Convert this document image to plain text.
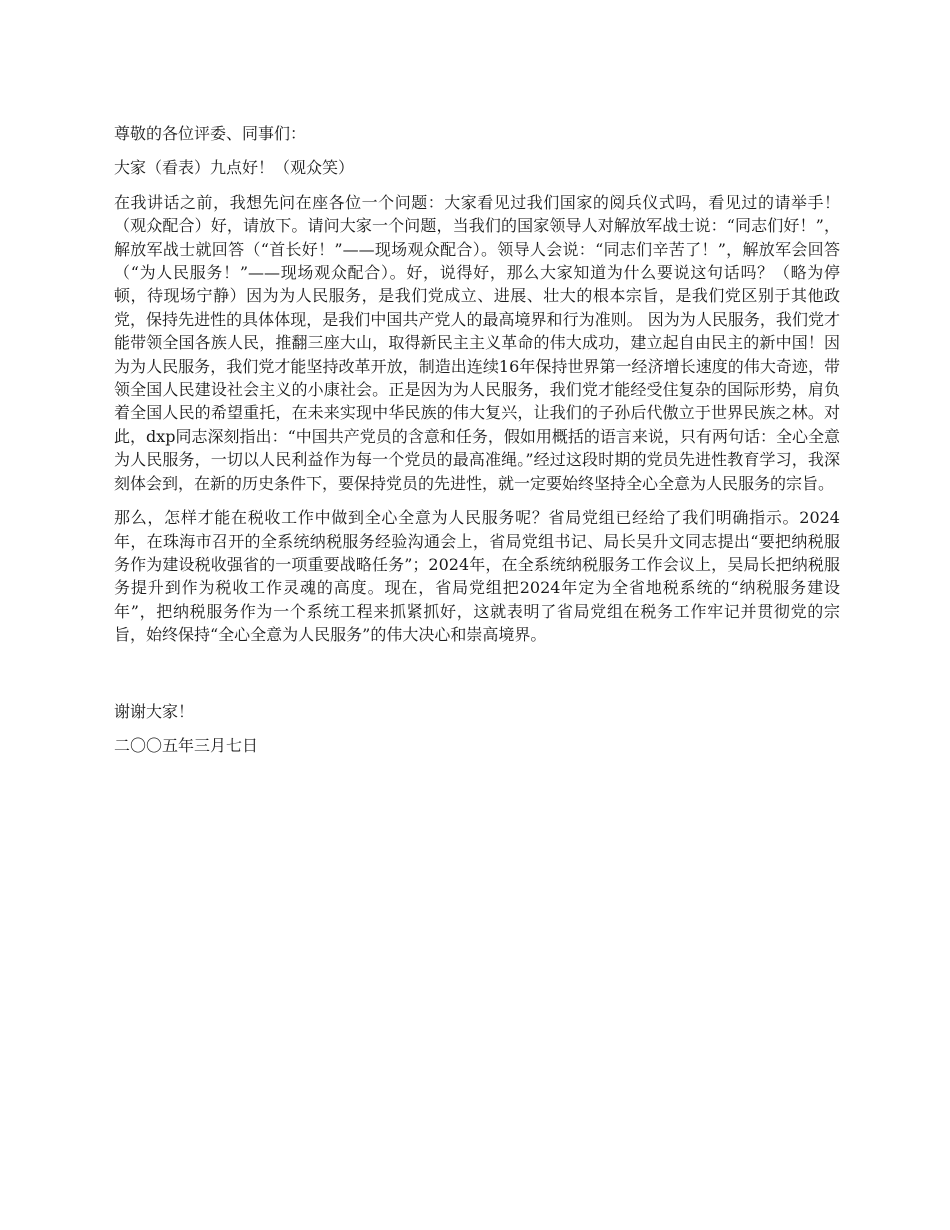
尊敬的各位评委、同事们：

大家（看表）九点好！（观众笑）

在我讲话之前，我想先问在座各位一个问题：大家看见过我们国家的阅兵仪式吗，看见过的请举手！（观众配合）好，请放下。请问大家一个问题，当我们的国家领导人对解放军战士说：“同志们好！”，解放军战士就回答（“首长好！”——现场观众配合）。领导人会说：“同志们辛苦了！”，解放军会回答（“为人民服务！”——现场观众配合）。好，说得好，那么大家知道为什么要说这句话吗？（略为停顿，待现场宁静）因为为人民服务，是我们党成立、进展、壮大的根本宗旨，是我们党区别于其他政党，保持先进性的具体体现，是我们中国共产党人的最高境界和行为准则。 因为为人民服务，我们党才能带领全国各族人民，推翻三座大山，取得新民主主义革命的伟大成功，建立起自由民主的新中国！因为为人民服务，我们党才能坚持改革开放，制造出连续16年保持世界第一经济增长速度的伟大奇迹，带领全国人民建设社会主义的小康社会。正是因为为人民服务，我们党才能经受住复杂的国际形势，肩负着全国人民的希望重托，在未来实现中华民族的伟大复兴，让我们的子孙后代傲立于世界民族之林。对此，dxp同志深刻指出：“中国共产党员的含意和任务，假如用概括的语言来说，只有两句话：全心全意为人民服务，一切以人民利益作为每一个党员的最高准绳。”经过这段时期的党员先进性教育学习，我深刻体会到，在新的历史条件下，要保持党员的先进性，就一定要始终坚持全心全意为人民服务的宗旨。

那么，怎样才能在税收工作中做到全心全意为人民服务呢？省局党组已经给了我们明确指示。2024年，在珠海市召开的全系统纳税服务经验沟通会上，省局党组书记、局长吴升文同志提出“要把纳税服务作为建设税收强省的一项重要战略任务”；2024年，在全系统纳税服务工作会议上，吴局长把纳税服务提升到作为税收工作灵魂的高度。现在，省局党组把2024年定为全省地税系统的“纳税服务建设年”，把纳税服务作为一个系统工程来抓紧抓好，这就表明了省局党组在税务工作牢记并贯彻党的宗旨，始终保持“全心全意为人民服务”的伟大决心和崇高境界。

谢谢大家！

二〇〇五年三月七日
